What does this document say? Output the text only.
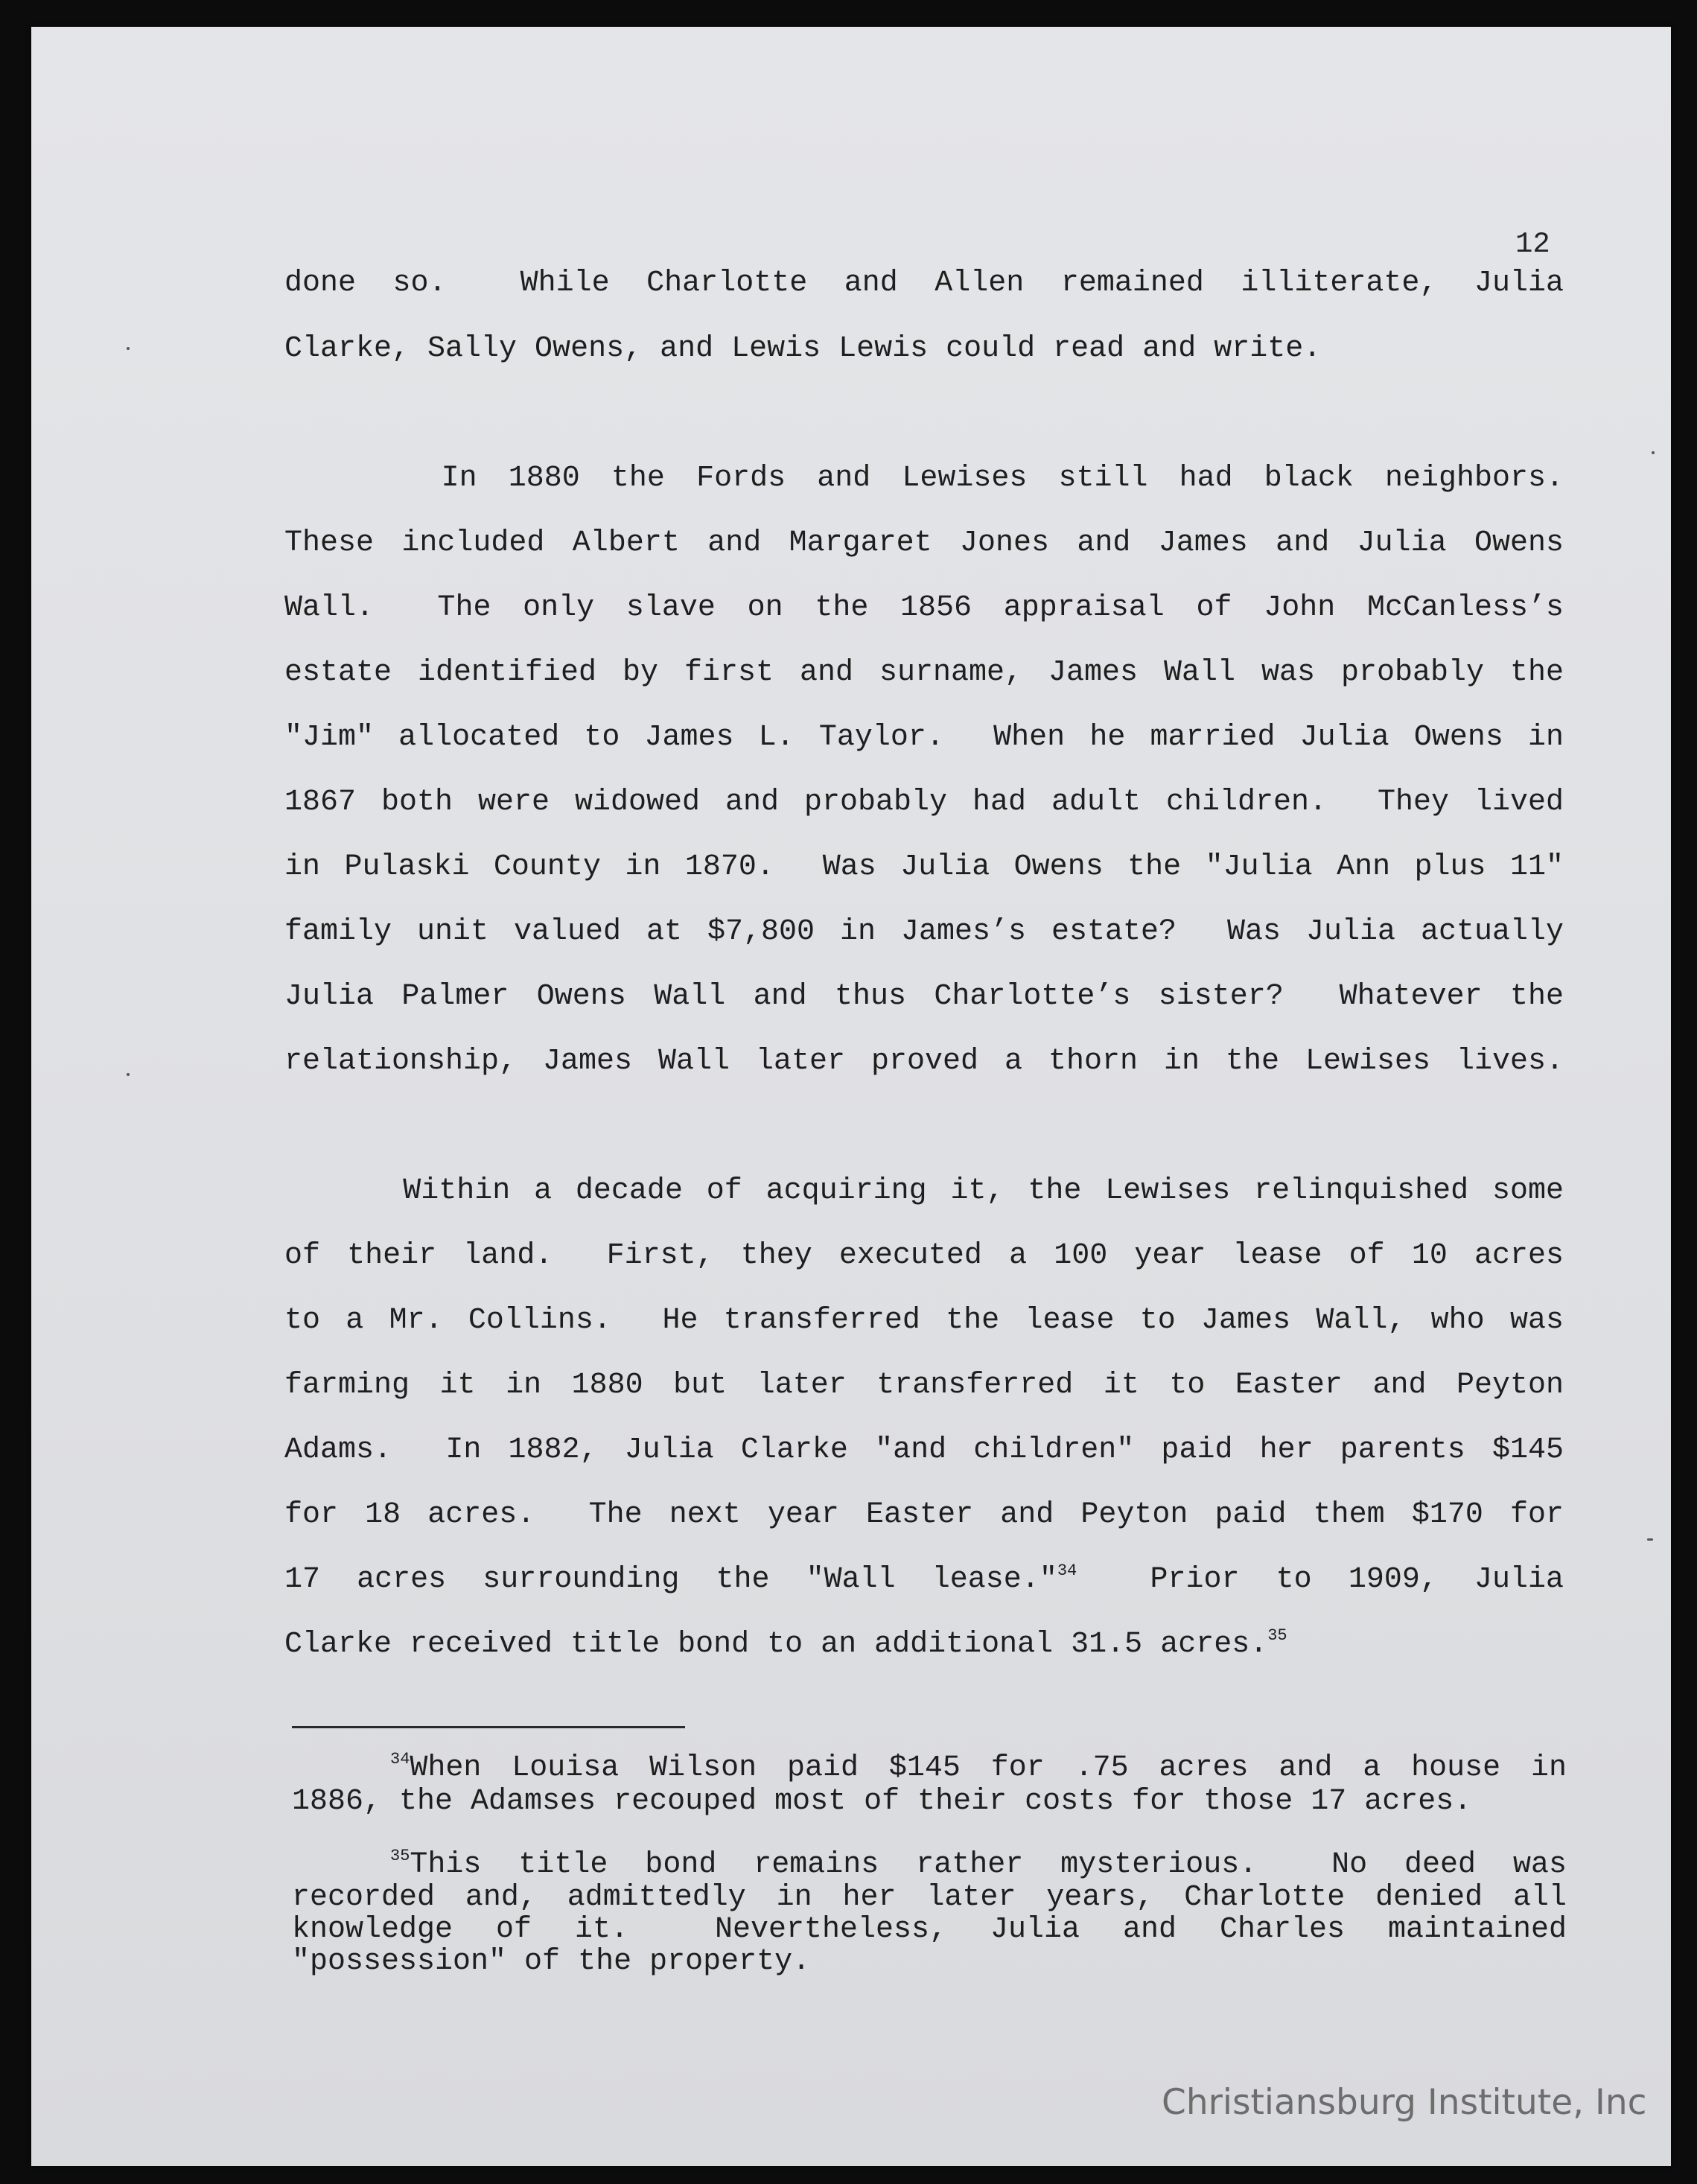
12
done so.  While Charlotte and Allen remained illiterate, Julia
Clarke, Sally Owens, and Lewis Lewis could read and write.
In 1880 the Fords and Lewises still had black neighbors.
These included Albert and Margaret Jones and James and Julia Owens
Wall.  The only slave on the 1856 appraisal of John McCanless’s
estate identified by first and surname, James Wall was probably the
"Jim" allocated to James L. Taylor.  When he married Julia Owens in
1867 both were widowed and probably had adult children.  They lived
in Pulaski County in 1870.  Was Julia Owens the "Julia Ann plus 11"
family unit valued at $7,800 in James’s estate?  Was Julia actually
Julia Palmer Owens Wall and thus Charlotte’s sister?  Whatever the
relationship, James Wall later proved a thorn in the Lewises lives.
Within a decade of acquiring it, the Lewises relinquished some
of their land.  First, they executed a 100 year lease of 10 acres
to a Mr. Collins.  He transferred the lease to James Wall, who was
farming it in 1880 but later transferred it to Easter and Peyton
Adams.  In 1882, Julia Clarke "and children" paid her parents $145
for 18 acres.  The next year Easter and Peyton paid them $170 for
17 acres surrounding the "Wall lease."$^{34}$  Prior to 1909, Julia
Clarke received title bond to an additional 31.5 acres.$^{35}$
$^{34}$When Louisa Wilson paid $145 for .75 acres and a house in
1886, the Adamses recouped most of their costs for those 17 acres.
$^{35}$This title bond remains rather mysterious.  No deed was
recorded and, admittedly in her later years, Charlotte denied all
knowledge of it.  Nevertheless, Julia and Charles maintained
"possession" of the property.
Christiansburg Institute, Inc
